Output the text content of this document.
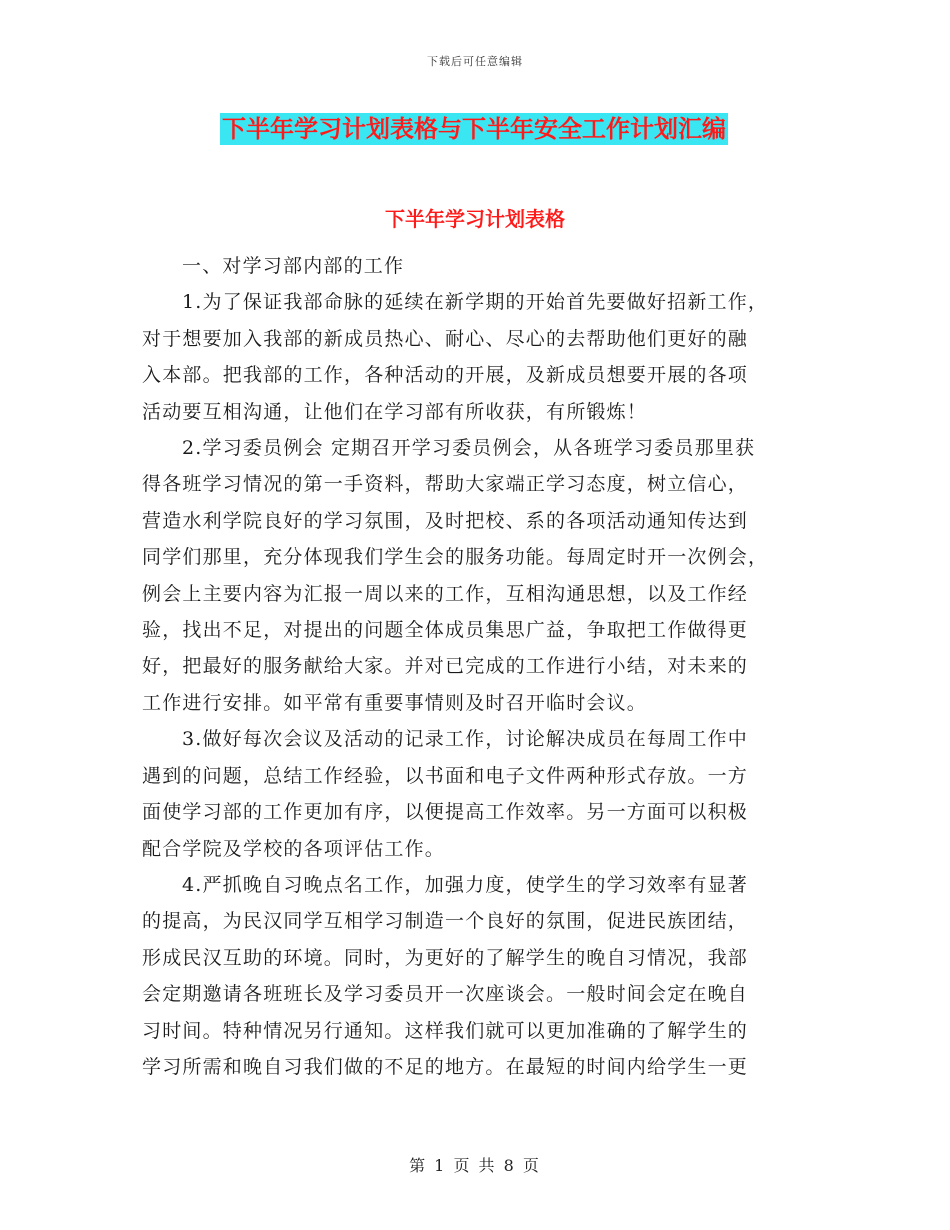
下载后可任意编辑
下半年学习计划表格与下半年安全工作计划汇编
下半年学习计划表格
一、对学习部内部的工作
1.为了保证我部命脉的延续在新学期的开始首先要做好招新工作，
对于想要加入我部的新成员热心、耐心、尽心的去帮助他们更好的融
入本部。把我部的工作，各种活动的开展，及新成员想要开展的各项
活动要互相沟通，让他们在学习部有所收获，有所锻炼！
2.学习委员例会 定期召开学习委员例会，从各班学习委员那里获
得各班学习情况的第一手资料，帮助大家端正学习态度，树立信心，
营造水利学院良好的学习氛围，及时把校、系的各项活动通知传达到
同学们那里，充分体现我们学生会的服务功能。每周定时开一次例会，
例会上主要内容为汇报一周以来的工作，互相沟通思想，以及工作经
验，找出不足，对提出的问题全体成员集思广益，争取把工作做得更
好，把最好的服务献给大家。并对已完成的工作进行小结，对未来的
工作进行安排。如平常有重要事情则及时召开临时会议。
3.做好每次会议及活动的记录工作，讨论解决成员在每周工作中
遇到的问题，总结工作经验，以书面和电子文件两种形式存放。一方
面使学习部的工作更加有序，以便提高工作效率。另一方面可以积极
配合学院及学校的各项评估工作。
4.严抓晚自习晚点名工作，加强力度，使学生的学习效率有显著
的提高，为民汉同学互相学习制造一个良好的氛围，促进民族团结，
形成民汉互助的环境。同时，为更好的了解学生的晚自习情况，我部
会定期邀请各班班长及学习委员开一次座谈会。一般时间会定在晚自
习时间。特种情况另行通知。这样我们就可以更加准确的了解学生的
学习所需和晚自习我们做的不足的地方。在最短的时间内给学生一更
第 1 页 共 8 页
